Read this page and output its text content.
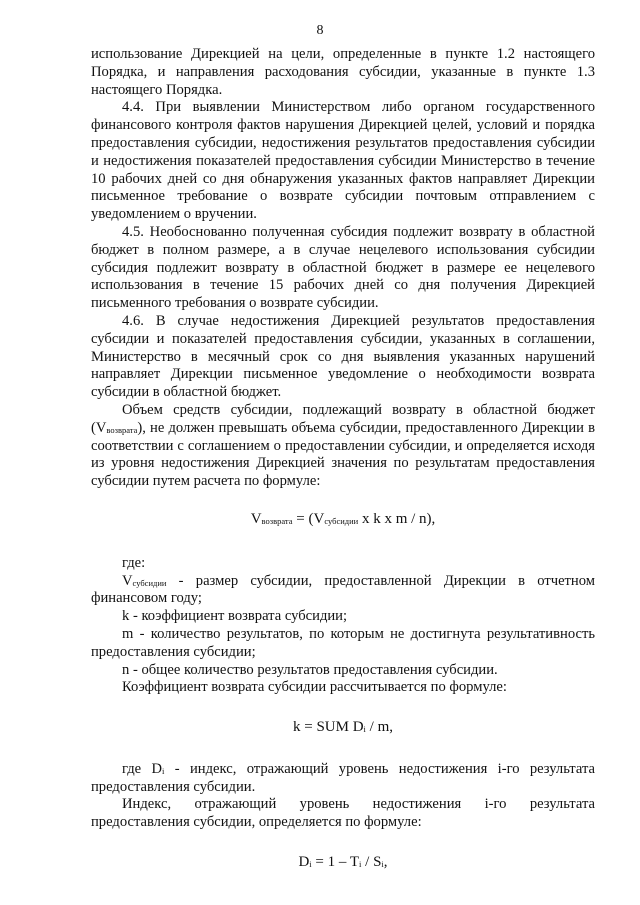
8

использование Дирекцией на цели, определенные в пункте 1.2 настоящего Порядка, и направления расходования субсидии, указанные в пункте 1.3 настоящего Порядка.

4.4. При выявлении Министерством либо органом государственного финансового контроля фактов нарушения Дирекцией целей, условий и порядка предоставления субсидии, недостижения результатов предоставления субсидии и недостижения показателей предоставления субсидии Министерство в течение 10 рабочих дней со дня обнаружения указанных фактов направляет Дирекции письменное требование о возврате субсидии почтовым отправлением с уведомлением о вручении.

4.5. Необоснованно полученная субсидия подлежит возврату в областной бюджет в полном размере, а в случае нецелевого использования субсидии субсидия подлежит возврату в областной бюджет в размере ее нецелевого использования в течение 15 рабочих дней со дня получения Дирекцией письменного требования о возврате субсидии.

4.6. В случае недостижения Дирекцией результатов предоставления субсидии и показателей предоставления субсидии, указанных в соглашении, Министерство в месячный срок со дня выявления указанных нарушений направляет Дирекции письменное уведомление о необходимости возврата субсидии в областной бюджет.

Объем средств субсидии, подлежащий возврату в областной бюджет $(V_{возврата})$, не должен превышать объема субсидии, предоставленного Дирекции в соответствии с соглашением о предоставлении субсидии, и определяется исходя из уровня недостижения Дирекцией значения по результатам предоставления субсидии путем расчета по формуле:

$V_{возврата} = (V_{субсидии}$ x k x m / n),

где:

$V_{субсидии}$ - размер субсидии, предоставленной Дирекции в отчетном финансовом году;

k - коэффициент возврата субсидии;

m - количество результатов, по которым не достигнута результативность предоставления субсидии;

n - общее количество результатов предоставления субсидии.

Коэффициент возврата субсидии рассчитывается по формуле:

k = SUM $D_i$ / m,

где $D_i$ - индекс, отражающий уровень недостижения i-го результата предоставления субсидии.

Индекс, отражающий уровень недостижения i-го результата предоставления субсидии, определяется по формуле:

$D_i = 1 - T_i / S_i$,
